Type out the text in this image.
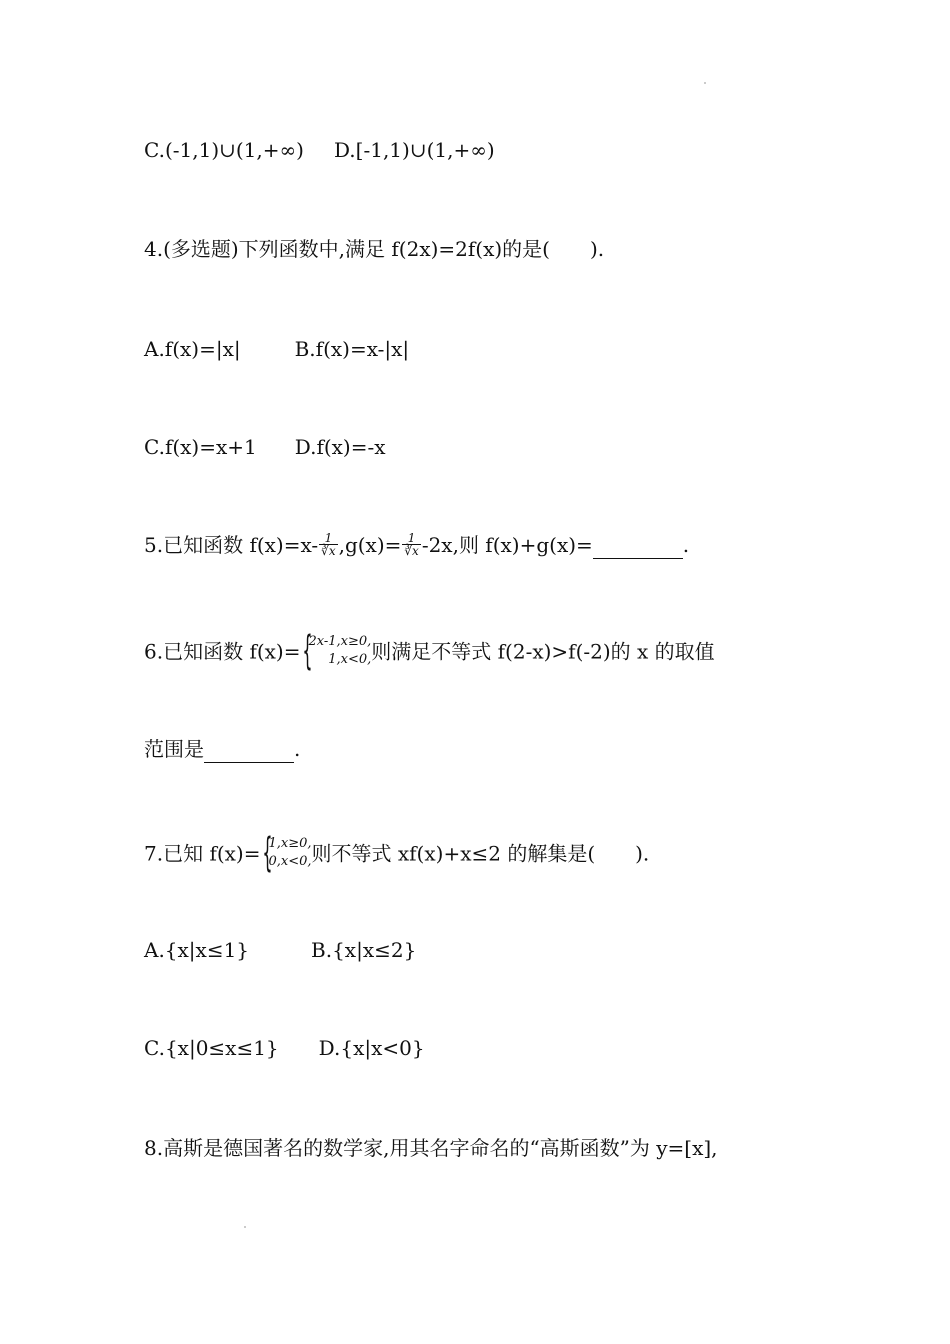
C.(-1,1)∪(1,+∞) D.[-1,1)∪(1,+∞)
4.(多选题)下列函数中,满足 f(2x)=2f(x)的是(　　).
A.f(x)=|x|	B.f(x)=x-|x|
C.f(x)=x+1 D.f(x)=-x
5.已知函数 $f(x)=x- \frac{1}{∛x} ,g(x)= \frac{1}{∛x} -2x$,则 f(x)+g(x)=	.
6.已知函数 f(x)= {
2x-1,x≥0,
1,x<0, 则满足不等式 f(2-x)>f(-2)的 x 的取值
范围是	.
7.已知 f(x)= {
1,x≥0,
0,x<0, 则不等式 xf(x)+x≤2 的解集是(　　).
A.{x|x≤1}	B.{x|x≤2}
C.{x|0≤x≤1} D.{x|x<0}
8.高斯是德国著名的数学家,用其名字命名的“高斯函数”为 y=[x],
